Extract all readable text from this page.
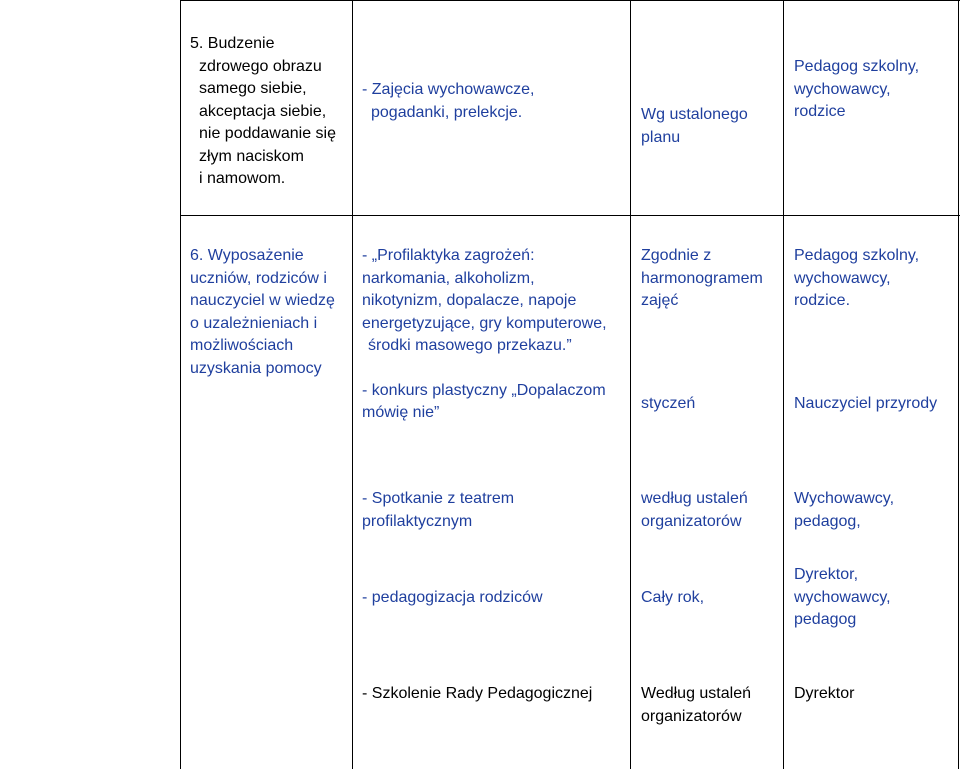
5. Budzenie
zdrowego obrazu
samego siebie,
akceptacja siebie,
nie poddawanie się
złym naciskom
i namowom.
- Zajęcia wychowawcze,
pogadanki, prelekcje.	Wg ustalonego
planu
Pedagog szkolny,
wychowawcy,
rodzice
6. Wyposażenie
uczniów, rodziców i
nauczyciel w wiedzę
o uzależnieniach i
możliwościach
uzyskania pomocy
- „Profilaktyka zagrożeń:
narkomania, alkoholizm,
nikotynizm, dopalacze, napoje
energetyzujące, gry komputerowe,
środki masowego przekazu.”
- konkurs plastyczny „Dopalaczom
mówię nie”
- Spotkanie z teatrem
profilaktycznym
- pedagogizacja rodziców
- Szkolenie Rady Pedagogicznej
Zgodnie z
harmonogramem
zajęć
styczeń
według ustaleń
organizatorów
Cały rok,
Według ustaleń
organizatorów
Pedagog szkolny,
wychowawcy,
rodzice.
Nauczyciel przyrody
Wychowawcy,
pedagog,
Dyrektor,
wychowawcy,
pedagog
Dyrektor
